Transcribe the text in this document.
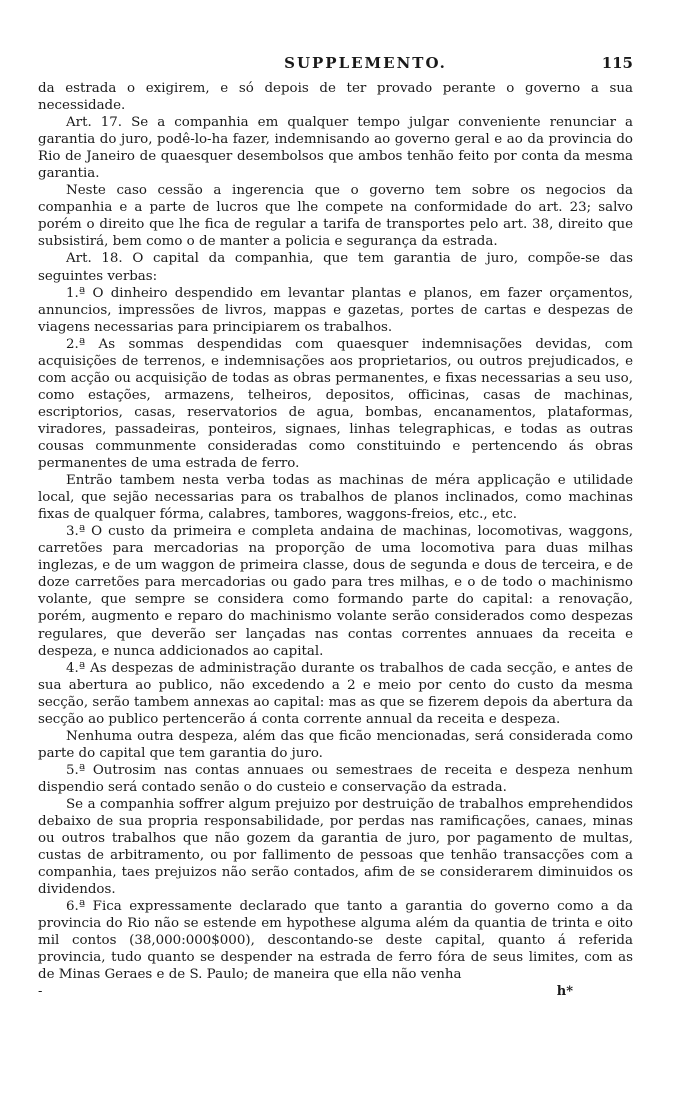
SUPPLEMENTO.	115

da estrada o exigirem, e só depois de ter provado perante o governo a sua necessidade.

Art. 17. Se a companhia em qualquer tempo julgar conveniente renunciar a garantia do juro, podê-lo-ha fazer, indemnisando ao governo geral e ao da provincia do Rio de Janeiro de quaesquer desembolsos que ambos tenhão feito por conta da mesma garantia.

Neste caso cessão a ingerencia que o governo tem sobre os negocios da companhia e a parte de lucros que lhe compete na conformidade do art. 23; salvo porém o direito que lhe fica de regular a tarifa de transportes pelo art. 38, direito que subsistirá, bem como o de manter a policia e segurança da estrada.

Art. 18. O capital da companhia, que tem garantia de juro, compõe-se das seguintes verbas:

1.ª O dinheiro despendido em levantar plantas e planos, em fazer orçamentos, annuncios, impressões de livros, mappas e gazetas, portes de cartas e despezas de viagens necessarias para principiarem os trabalhos.

2.ª As sommas despendidas com quaesquer indemnisações devidas, com acquisições de terrenos, e indemnisações aos proprietarios, ou outros prejudicados, e com acção ou acquisição de todas as obras permanentes, e fixas necessarias a seu uso, como estações, armazens, telheiros, depositos, officinas, casas de machinas, escriptorios, casas, reservatorios de agua, bombas, encanamentos, plataformas, viradores, passadeiras, ponteiros, signaes, linhas telegraphicas, e todas as outras cousas communmente consideradas como constituindo e pertencendo ás obras permanentes de uma estrada de ferro.

Entrão tambem nesta verba todas as machinas de méra applicação e utilidade local, que sejão necessarias para os trabalhos de planos inclinados, como machinas fixas de qualquer fórma, calabres, tambores, waggons-freios, etc., etc.

3.ª O custo da primeira e completa andaina de machinas, locomotivas, waggons, carretões para mercadorias na proporção de uma locomotiva para duas milhas inglezas, e de um waggon de primeira classe, dous de segunda e dous de terceira, e de doze carretões para mercadorias ou gado para tres milhas, e o de todo o machinismo volante, que sempre se considera como formando parte do capital: a renovação, porém, augmento e reparo do machinismo volante serão considerados como despezas regulares, que deverão ser lançadas nas contas correntes annuaes da receita e despeza, e nunca addicionados ao capital.

4.ª As despezas de administração durante os trabalhos de cada secção, e antes de sua abertura ao publico, não excedendo a 2 e meio por cento do custo da mesma secção, serão tambem annexas ao capital: mas as que se fizerem depois da abertura da secção ao publico pertencerão á conta corrente annual da receita e despeza.

Nenhuma outra despeza, além das que ficão mencionadas, será considerada como parte do capital que tem garantia do juro.

5.ª Outrosim nas contas annuaes ou semestraes de receita e despeza nenhum dispendio será contado senão o do custeio e conservação da estrada.

Se a companhia soffrer algum prejuizo por destruição de trabalhos emprehendidos debaixo de sua propria responsabilidade, por perdas nas ramificações, canaes, minas ou outros trabalhos que não gozem da garantia de juro, por pagamento de multas, custas de arbitramento, ou por fallimento de pessoas que tenhão transacções com a companhia, taes prejuizos não serão contados, afim de se considerarem diminuidos os dividendos.

6.ª Fica expressamente declarado que tanto a garantia do governo como a da provincia do Rio não se estende em hypothese alguma além da quantia de trinta e oito mil contos (38,000:000$000), descontando-se deste capital, quanto á referida provincia, tudo quanto se despender na estrada de ferro fóra de seus limites, com as de Minas Geraes e de S. Paulo; de maneira que ella não venha

-	h*
